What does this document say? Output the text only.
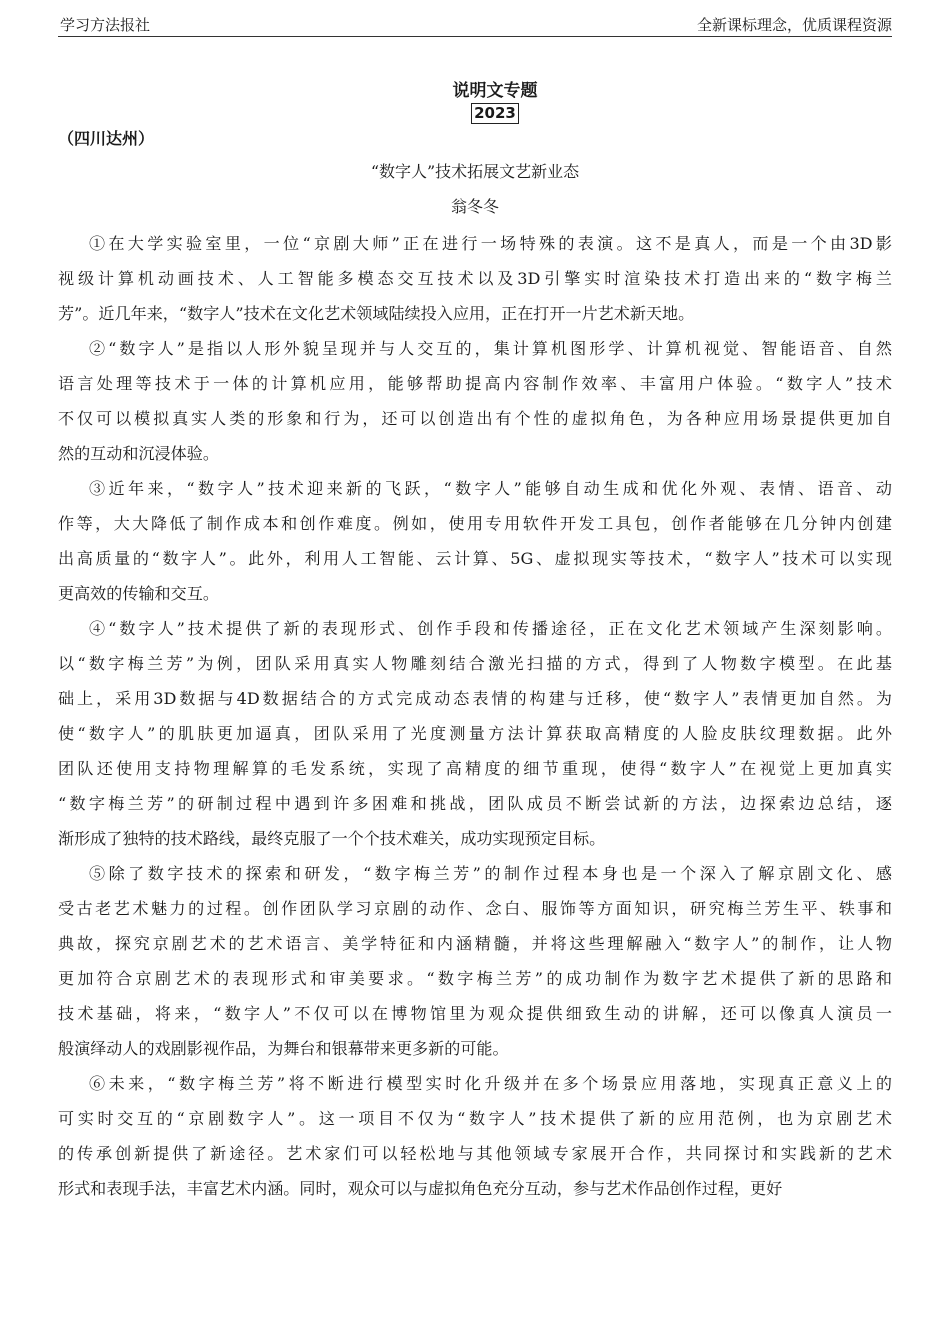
学习方法报社	全新课标理念，优质课程资源
说明文专题
2023
（四川达州）
“数字人”技术拓展文艺新业态
翁冬冬
①在大学实验室里，一位“京剧大师”正在进行一场特殊的表演。这不是真人，而是一个由3D影
视级计算机动画技术、人工智能多模态交互技术以及3D引擎实时渲染技术打造出来的“数字梅兰
芳”。近几年来，“数字人”技术在文化艺术领域陆续投入应用，正在打开一片艺术新天地。
②“数字人”是指以人形外貌呈现并与人交互的，集计算机图形学、计算机视觉、智能语音、自然
语言处理等技术于一体的计算机应用，能够帮助提高内容制作效率、丰富用户体验。“数字人”技术
不仅可以模拟真实人类的形象和行为，还可以创造出有个性的虚拟角色，为各种应用场景提供更加自
然的互动和沉浸体验。
③近年来，“数字人”技术迎来新的飞跃，“数字人”能够自动生成和优化外观、表情、语音、动
作等，大大降低了制作成本和创作难度。例如，使用专用软件开发工具包，创作者能够在几分钟内创建
出高质量的“数字人”。此外，利用人工智能、云计算、5G、虚拟现实等技术，“数字人”技术可以实现
更高效的传输和交互。
④“数字人”技术提供了新的表现形式、创作手段和传播途径，正在文化艺术领域产生深刻影响。
以“数字梅兰芳”为例，团队采用真实人物雕刻结合激光扫描的方式，得到了人物数字模型。在此基
础上，采用3D数据与4D数据结合的方式完成动态表情的构建与迁移，使“数字人”表情更加自然。为
使“数字人”的肌肤更加逼真，团队采用了光度测量方法计算获取高精度的人脸皮肤纹理数据。此外
团队还使用支持物理解算的毛发系统，实现了高精度的细节重现，使得“数字人”在视觉上更加真实
“数字梅兰芳”的研制过程中遇到许多困难和挑战，团队成员不断尝试新的方法，边探索边总结，逐
渐形成了独特的技术路线，最终克服了一个个技术难关，成功实现预定目标。
⑤除了数字技术的探索和研发，“数字梅兰芳”的制作过程本身也是一个深入了解京剧文化、感
受古老艺术魅力的过程。创作团队学习京剧的动作、念白、服饰等方面知识，研究梅兰芳生平、轶事和
典故，探究京剧艺术的艺术语言、美学特征和内涵精髓，并将这些理解融入“数字人”的制作，让人物
更加符合京剧艺术的表现形式和审美要求。“数字梅兰芳”的成功制作为数字艺术提供了新的思路和
技术基础，将来，“数字人”不仅可以在博物馆里为观众提供细致生动的讲解，还可以像真人演员一
般演绎动人的戏剧影视作品，为舞台和银幕带来更多新的可能。
⑥未来，“数字梅兰芳”将不断进行模型实时化升级并在多个场景应用落地，实现真正意义上的
可实时交互的“京剧数字人”。这一项目不仅为“数字人”技术提供了新的应用范例，也为京剧艺术
的传承创新提供了新途径。艺术家们可以轻松地与其他领域专家展开合作，共同探讨和实践新的艺术
形式和表现手法，丰富艺术内涵。同时，观众可以与虚拟角色充分互动，参与艺术作品创作过程，更好
